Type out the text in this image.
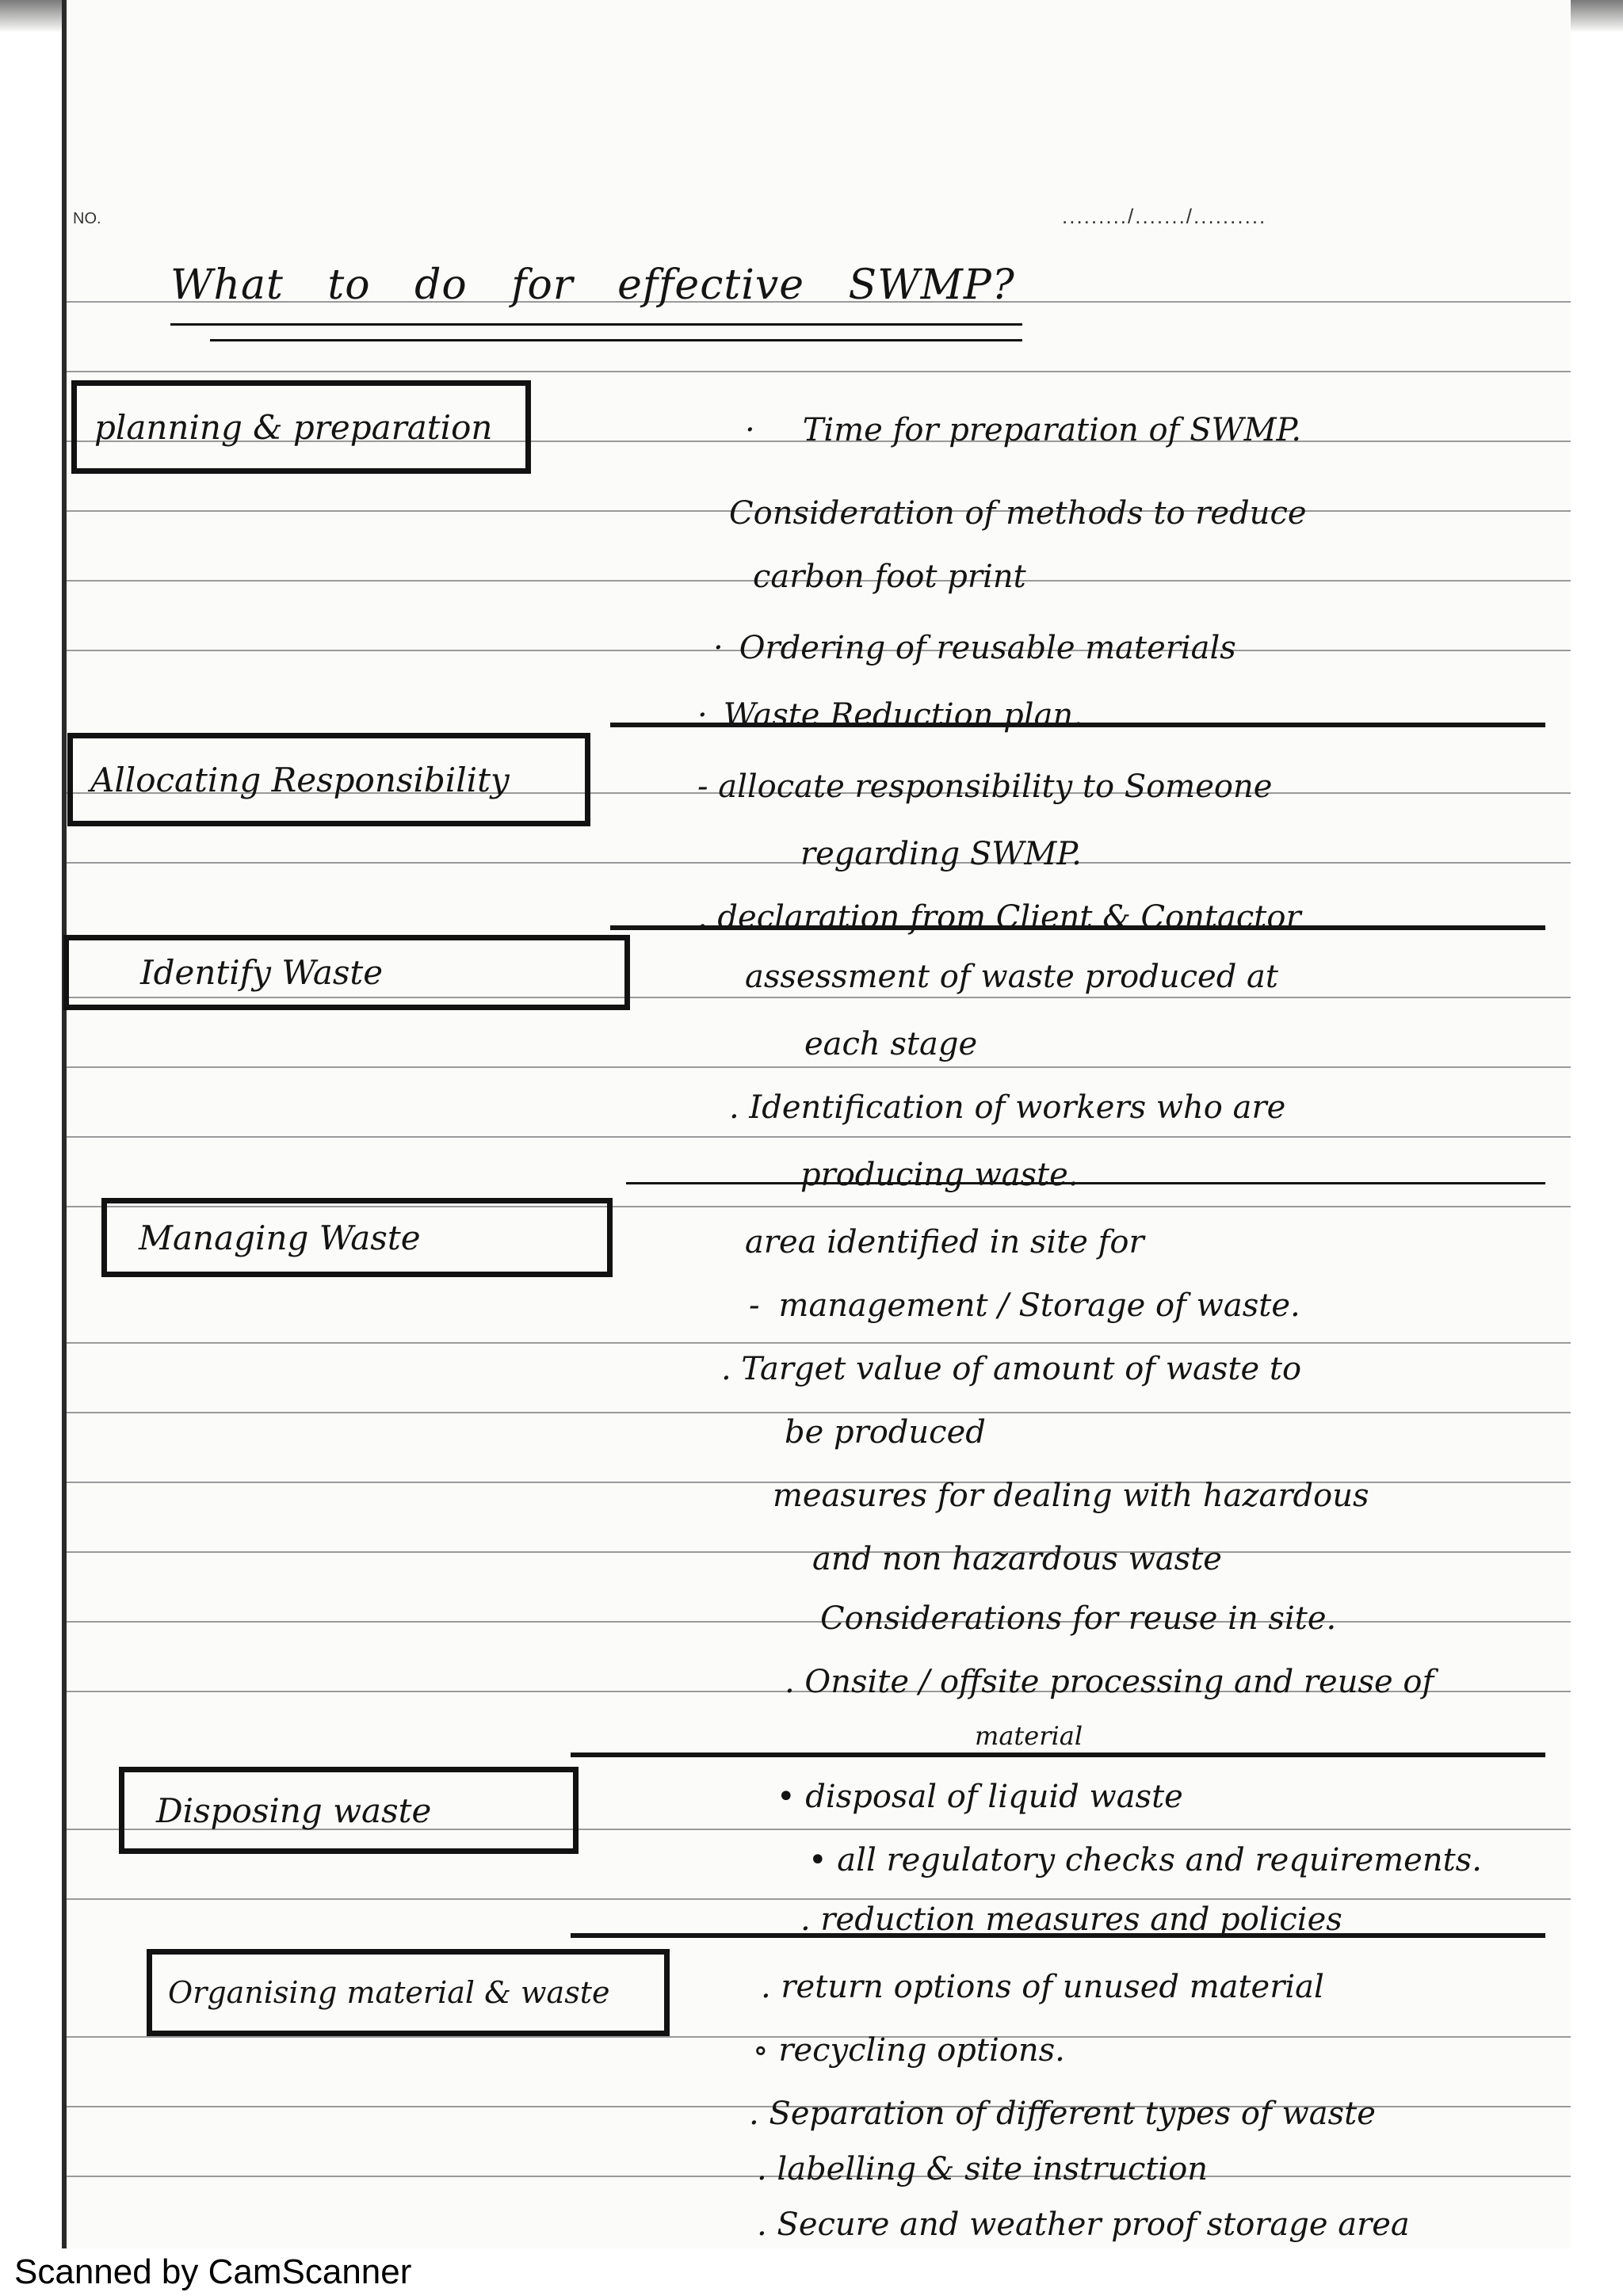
NO.	........./......./..........
What to do for effective SWMP?
planning & preparation	· Time for preparation of SWMP.
Consideration of methods to reduce
carbon foot print
· Ordering of reusable materials
· Waste Reduction plan.
Allocating Responsibility	- allocate responsibility to Someone
regarding SWMP.
. declaration from Client & Contactor
Identify Waste	assessment of waste produced at
each stage
. Identification of workers who are
producing waste.
Managing Waste	area identified in site for
- management / Storage of waste.
. Target value of amount of waste to
be produced
measures for dealing with hazardous
and non hazardous waste
Considerations for reuse in site.
. Onsite / offsite processing and reuse of
material
Disposing waste	• disposal of liquid waste
• all regulatory checks and requirements.
. reduction measures and policies
Organising material & waste	. return options of unused material
∘ recycling options.
. Separation of different types of waste
. labelling & site instruction
. Secure and weather proof storage area
Scanned by CamScanner
